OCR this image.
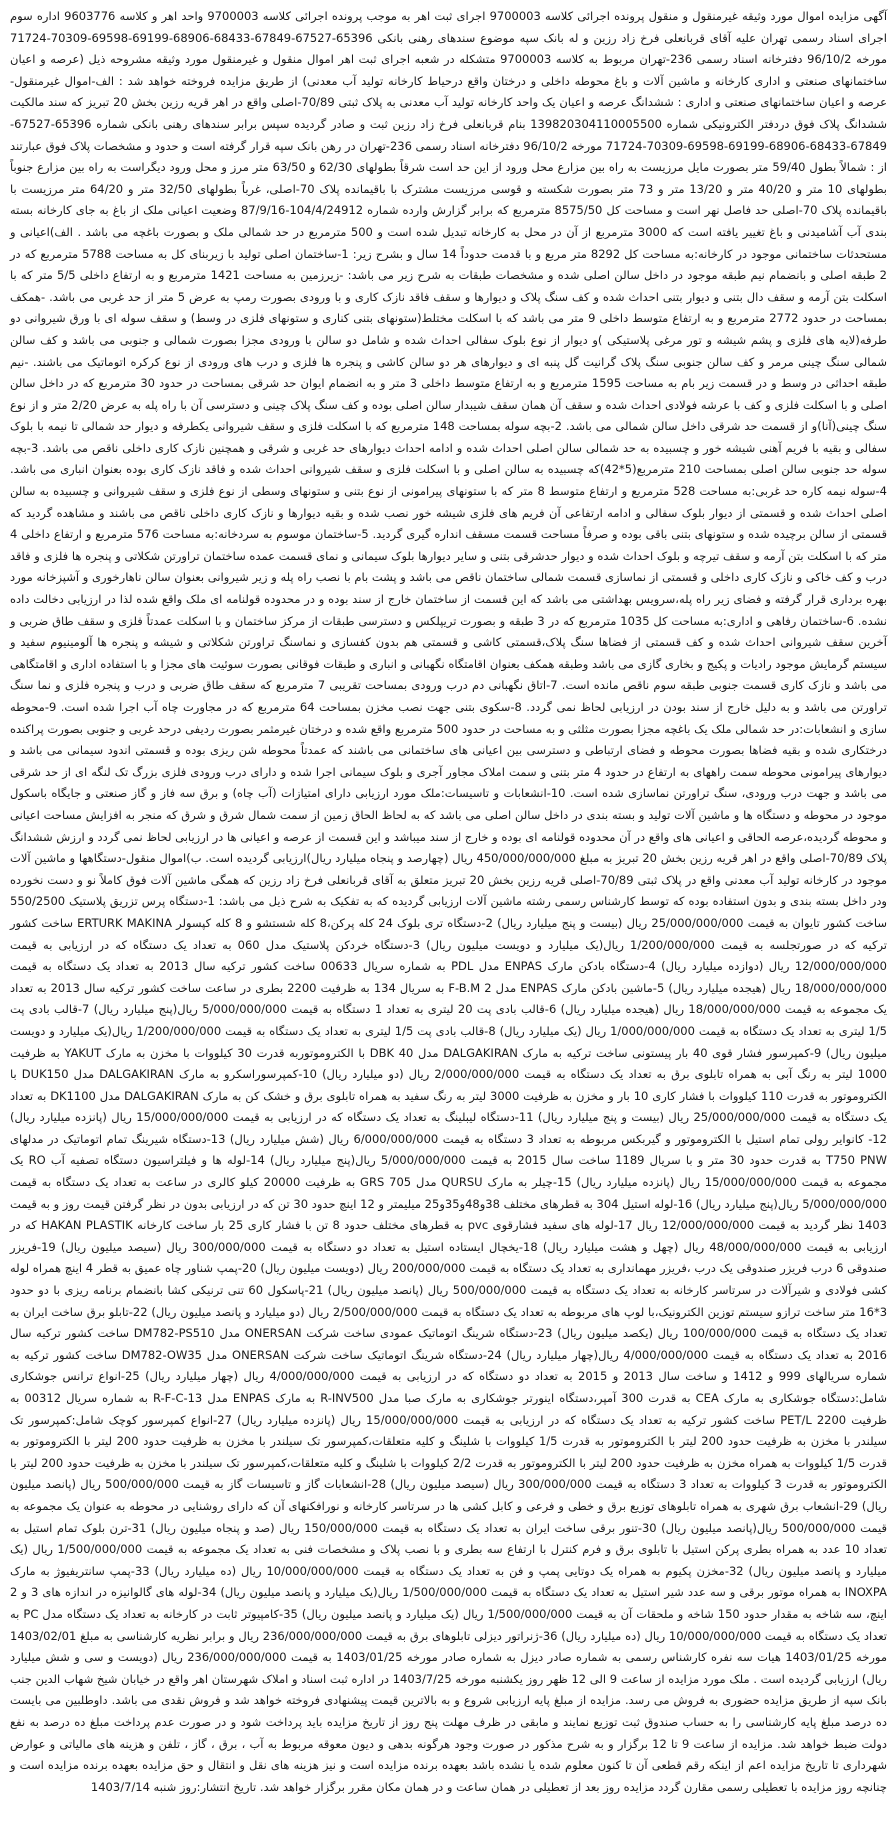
آگهی مزایده اموال مورد وثیقه غیرمنقول و منقول پرونده اجرائی کلاسه 9700003 اجرای ثبت اهر به موجب پرونده اجرائی کلاسه 9700003 واحد اهر و کلاسه 9603776 اداره سوم اجرای اسناد رسمی تهران علیه آقای قربانعلی فرخ زاد رزین و له بانک سپه موضوع سندهای رهنی بانکی 65396-67527-67849-68433-68906-69199-69598-70309-71724 مورخه 96/10/2 دفترخانه اسناد رسمی 236-تهران مربوط به کلاسه 9700003 متشکله در شعبه اجرای ثبت اهر اموال منقول و غیرمنقول مورد وثیقه مشروحه ذیل (عرصه و اعیان ساختمانهای صنعتی و اداری کارخانه و ماشین آلات و باغ محوطه داخلی و درختان واقع درحیاط کارخانه تولید آب معدنی) از طریق مزایده فروخته خواهد شد : الف-اموال غیرمنقول- عرصه و اعیان ساختمانهای صنعتی و اداری : ششدانگ عرصه و اعیان یک واحد کارخانه تولید آب معدنی به پلاک ثبتی 70/89-اصلی واقع در اهر قریه رزین بخش 20 تبریز که سند مالکیت ششدانگ پلاک فوق دردفتر الکترونیکی شماره 139820304110005500 بنام قربانعلی فرخ زاد رزین ثبت و صادر گردیده سپس برابر سندهای رهنی بانکی شماره 65396-67527-67849-68433-68906-69199-69598-70309-71724 مورخه 96/10/2 دفترخانه اسناد رسمی 236-تهران در رهن بانک سپه قرار گرفته است و حدود و مشخصات پلاک فوق عبارتند از : شمالاً بطول 59/40 متر بصورت مایل مرزیست به راه بین مزارع محل ورود از این حد است شرقاً بطولهای 62/30 و 63/50 متر مرز و محل ورود دیگراست به راه بین مزارع جنوباً بطولهای 10 متر و 40/20 متر و 13/20 متر و 73 متر بصورت شکسته و قوسی مرزیست مشترک با باقیمانده پلاک 70-اصلی، غرباً بطولهای 32/50 متر و 64/20 متر مرزیست با باقیمانده پلاک 70-اصلی حد فاصل نهر است و مساحت کل 8575/50 مترمربع که برابر گزارش وارده شماره 104/4/24912-87/9/16 وضعیت اعیانی ملک از باغ به جای کارخانه بسته بندی آب آشامیدنی و باغ تغییر یافته است که 3000 مترمربع از آن در محل به کارخانه تبدیل شده است و 500 مترمربع در حد شمالی ملک و بصورت باغچه می باشد . الف)اعیانی و مستحدثات ساختمانی موجود در کارخانه:به مساحت کل 8292 متر مربع و با قدمت حدوداً 14 سال و بشرح زیر: 1-ساختمان اصلی تولید با زیربنای کل به مساحت 5788 مترمربع که در 2 طبقه اصلی و بانضمام نیم طبقه موجود در داخل سالن اصلی شده و مشخصات طبقات به شرح زیر می باشد: -زیرزمین به مساحت 1421 مترمربع و به ارتفاع داخلی 5/5 متر که با اسکلت بتن آرمه و سقف دال بتنی و دیوار بتنی احداث شده و کف سنگ پلاک و دیوارها و سقف فاقد نازک کاری و با ورودی بصورت رمپ به عرض 5 متر از حد غربی می باشد. -همکف بمساحت در حدود 2772 مترمربع و به ارتفاع متوسط داخلی 9 متر می باشد که با اسکلت مختلط(ستونهای بتنی کناری و ستونهای فلزی در وسط) و سقف سوله ای با ورق شیروانی دو طرفه(لایه های فلزی و پشم شیشه و تور مرغی پلاستیکی )و دیوار از نوع بلوک سفالی احداث شده و شامل دو سالن با ورودی مجزا بصورت شمالی و جنوبی می باشد و کف سالن شمالی سنگ چینی مرمر و کف سالن جنوبی سنگ پلاک گرانیت گل پنبه ای و دیوارهای هر دو سالن کاشی و پنجره ها فلزی و درب های ورودی از نوع کرکره اتوماتیک می باشند. -نیم طبقه احداثی در وسط و در قسمت زیر بام به مساحت 1595 مترمربع و به ارتفاع متوسط داخلی 3 متر و به انضمام ایوان حد شرقی بمساحت در حدود 30 مترمربع که در داخل سالن اصلی و با اسکلت فلزی و کف با عرشه فولادی احداث شده و سقف آن همان سقف شیبدار سالن اصلی بوده و کف سنگ پلاک چینی و دسترسی آن با راه پله به عرض 2/20 متر و از نوع سنگ چینی(آنا)و از قسمت حد شرقی داخل سالن شمالی می باشد. 2-بچه سوله بمساحت 148 مترمربع که با اسکلت فلزی و سقف شیروانی یکطرفه و دیوار حد شمالی تا نیمه با بلوک سفالی و بقیه با فریم آهنی شیشه خور و چسبیده به حد شمالی سالن اصلی احداث شده و ادامه احداث دیوارهای حد غربی و شرقی و همچنین نازک کاری داخلی ناقص می باشد. 3-بچه سوله حد جنوبی سالن اصلی بمساحت 210 مترمربع(5*42)که چسبیده به سالن اصلی و با اسکلت فلزی و سقف شیروانی احداث شده و فاقد نازک کاری بوده بعنوان انباری می باشد. 4-سوله نیمه کاره حد غربی:به مساحت 528 مترمربع و ارتفاع متوسط 8 متر که با ستونهای پیرامونی از نوع بتنی و ستونهای وسطی از نوع فلزی و سقف شیروانی و چسبیده به سالن اصلی احداث شده و قسمتی از دیوار بلوک سفالی و ادامه ارتفاعی آن فریم های فلزی شیشه خور نصب شده و بقیه دیوارها و نازک کاری داخلی ناقص می باشند و مشاهده گردید که قسمتی از سالن برچیده شده و ستونهای بتنی باقی بوده و صرفاً مساحت قسمت مسقف انداره گیری گردید. 5-ساختمان موسوم به سردخانه:به مساحت 576 مترمربع و ارتفاع داخلی 4 متر که با اسکلت بتن آرمه و سقف تیرچه و بلوک احداث شده و دیوار حدشرقی بتنی و سایر دیوارها بلوک سیمانی و نمای قسمت عمده ساختمان تراورتن شکلاتی و پنجره ها فلزی و فاقد درب و کف خاکی و نازک کاری داخلی و قسمتی از نماسازی قسمت شمالی ساختمان ناقص می باشد و پشت بام با نصب راه پله و زیر شیروانی بعنوان سالن ناهارخوری و آشپزخانه مورد بهره برداری قرار گرفته و فضای زیر راه پله،سرویس بهداشتی می باشد که این قسمت از ساختمان خارج از سند بوده و در محدوده قولنامه ای ملک واقع شده لذا در ارزیابی دخالت داده نشده. 6-ساختمان رفاهی و اداری:به مساحت کل 1035 مترمربع که در 3 طبقه و بصورت تریپلکس و دسترسی طبقات از مرکز ساختمان و با اسکلت عمدتاً فلزی و سقف طاق ضربی و آخرین سقف شیروانی احداث شده و کف قسمتی از فضاها سنگ پلاک،قسمتی کاشی و قسمتی هم بدون کفسازی و نماسنگ تراورتن شکلاتی و شیشه و پنجره ها آلومینیوم سفید و سیستم گرمایش موجود رادیات و پکیج و بخاری گازی می باشد وطبقه همکف بعنوان اقامتگاه نگهبانی و انباری و طبقات فوقانی بصورت سوئیت های مجزا و با استفاده اداری و اقامتگاهی می باشد و نازک کاری قسمت جنوبی طبقه سوم ناقص مانده است. 7-اتاق نگهبانی دم درب ورودی بمساحت تقریبی 7 مترمربع که سقف طاق ضربی و درب و پنجره فلزی و نما سنگ تراورتن می باشد و به دلیل خارج از سند بودن در ارزیابی لحاظ نمی گردد. 8-سکوی بتنی جهت نصب مخزن بمساحت 64 مترمربع که در مجاورت چاه آب اجرا شده است. 9-محوطه سازی و انشعابات:در حد شمالی ملک یک باغچه مجزا بصورت مثلثی و به مساحت در حدود 500 مترمربع واقع شده و درختان غیرمثمر بصورت ردیفی درحد غربی و جنوبی بصورت پراکنده درختکاری شده و بقیه فضاها بصورت محوطه و فضای ارتباطی و دسترسی بین اعیانی های ساختمانی می باشند که عمدتاً محوطه شن ریزی بوده و قسمتی اندود سیمانی می باشد و دیوارهای پیرامونی محوطه سمت راههای به ارتفاع در حدود 4 متر بتنی و سمت املاک مجاور آجری و بلوک سیمانی اجرا شده و دارای درب ورودی فلزی بزرگ تک لنگه ای از حد شرقی می باشد و جهت درب ورودی، سنگ تراورتن نماسازی شده است. 10-انشعابات و تاسیسات:ملک مورد ارزیابی دارای امتیازات (آب چاه) و برق سه فاز و گاز صنعتی و جایگاه باسکول موجود در محوطه و دستگاه ها و ماشین آلات تولید و بسته بندی در داخل سالن اصلی می باشد که به لحاظ الحاق زمین از سمت شمال شرق و شرق که منجر به افزایش مساحت اعیانی و محوطه گردیده،عرصه الحاقی و اعیانی های واقع در آن محدوده قولنامه ای بوده و خارج از سند میباشد و این قسمت از عرصه و اعیانی ها در ارزیابی لحاظ نمی گردد و ارزش ششدانگ پلاک 70/89-اصلی واقع در اهر قریه رزین بخش 20 تبریز به مبلغ 450/000/000/000 ریال (چهارصد و پنجاه میلیارد ریال)ارزیابی گردیده است. ب)اموال منقول-دستگاهها و ماشین آلات موجود در کارخانه تولید آب معدنی واقع در پلاک ثبتی 70/89-اصلی قریه رزین بخش 20 تبریز متعلق به آقای قربانعلی فرخ زاد رزین که همگی ماشین آلات فوق کاملاً نو و دست نخورده ودر داخل بسته بندی و بدون استفاده بوده که توسط کارشناس رسمی رشته ماشین آلات ارزیابی گردیده که به تفکیک به شرح ذیل می باشد: 1-دستگاه پرس تزریق پلاستیک 550/2500 ساخت کشور تایوان به قیمت 25/000/000/000 ریال (بیست و پنج میلیارد ریال) 2-دستگاه تری بلوک 24 کله پرکن،8 کله شستشو و 8 کله کپسولر ERTURK MAKINA ساخت کشور ترکیه که در صورتجلسه به قیمت 1/200/000/000 ریال(یک میلیارد و دویست میلیون ریال) 3-دستگاه خردکن پلاستیک مدل 060 به تعداد یک دستگاه که در ارزیابی به قیمت 12/000/000/000 ریال (دوازده میلیارد ریال) 4-دستگاه بادکن مارک ENPAS مدل PDL به شماره سریال 00633 ساخت کشور ترکیه سال 2013 به تعداد یک دستگاه به قیمت 18/000/000/000 ریال (هیجده میلیارد ریال) 5-ماشین بادکن مارک ENPAS مدل F-B.M 2 به سریال 134 به ظرفیت 2200 بطری در ساعت ساخت کشور ترکیه سال 2013 به تعداد یک مجموعه به قیمت 18/000/000/000 ریال (هیجده میلیارد ریال) 6-قالب بادی پت 20 لیتری به تعداد 1 دستگاه به قیمت 5/000/000/000 ریال(پنج میلیارد ریال) 7-قالب بادی پت 1/5 لیتری به تعداد یک دستگاه به قیمت 1/000/000/000 ریال (یک میلیارد ریال) 8-قالب بادی پت 1/5 لیتری به تعداد یک دستگاه به قیمت 1/200/000/000 ریال(یک میلیارد و دویست میلیون ریال) 9-کمپرسور فشار قوی 40 بار پیستونی ساخت ترکیه به مارک DALGAKIRAN مدل DBK 40 با الکتروموتوربه قدرت 30 کیلووات با مخزن به مارک YAKUT به ظرفیت 1000 لیتر به رنگ آبی به همراه تابلوی برق به تعداد یک دستگاه به قیمت 2/000/000/000 ریال (دو میلیارد ریال) 10-کمپرسوراسکرو به مارک DALGAKIRAN مدل DUK150 با الکتروموتور به قدرت 110 کیلووات با فشار کاری 10 بار و مخزن به ظرفیت 3000 لیتر به رنگ سفید به همراه تابلوی برق و خشک کن به مارک DALGAKIRAN مدل DK1100 به تعداد یک دستگاه به قیمت 25/000/000/000 ریال (بیست و پنج میلیارد ریال) 11-دستگاه لیبلینگ به تعداد یک دستگاه که در ارزیابی به قیمت 15/000/000/000 ریال (پانزده میلیارد ریال) 12- کانوایر رولی تمام استیل با الکتروموتور و گیربکس مربوطه به تعداد 3 دستگاه به قیمت 6/000/000/000 ریال (شش میلیارد ریال) 13-دستگاه شیرینگ تمام اتوماتیک در مدلهای T750 PNW به قدرت حدود 30 متر و با سریال 1189 ساخت سال 2015 به قیمت 5/000/000/000 ریال(پنج میلیارد ریال) 14-لوله ها و فیلتراسیون دستگاه تصفیه آب RO یک مجموعه به قیمت 15/000/000/000 ریال (پانزده میلیارد ریال) 15-چیلر به مارک QURSU مدل GRS 705 به ظرفیت 20000 کیلو کالری در ساعت به تعداد یک دستگاه به قیمت 5/000/000/000 ریال(پنج میلیارد ریال) 16-لوله استیل 304 به قطرهای مختلف 38و48و35و25 میلیمتر و 12 اینچ حدود 30 تن که در ارزیابی بدون در نظر گرفتن قیمت روز و به قیمت 1403 نظر گردید به قیمت 12/000/000/000 ریال 17-لوله های سفید فشارقوی pvc به قطرهای مختلف حدود 8 تن با فشار کاری 25 بار ساخت کارخانه HAKAN PLASTIK که در ارزیابی به قیمت 48/000/000/000 ریال (چهل و هشت میلیارد ریال) 18-یخچال ایستاده استیل به تعداد دو دستگاه به قیمت 300/000/000 ریال (سیصد میلیون ریال) 19-فریزر صندوقی 6 درب فریزر صندوقی یک درب ،فریزر مهمانداری به تعداد یک دستگاه به قیمت 200/000/000 ریال (دویست میلیون ریال) 20-پمپ شناور چاه عمیق به قطر 4 اینچ همراه لوله کشی فولادی و شیرآلات در سرتاسر کارخانه به تعداد یک دستگاه به قیمت 500/000/000 ریال (پانصد میلیون ریال) 21-پاسکول 60 تنی ترنیکی کشا بانضمام برنامه ریزی با دو حدود 3*16 متر ساخت ترازو سیستم توزین الکترونیک،با لوپ های مربوطه به تعداد یک دستگاه به قیمت 2/500/000/000 ریال (دو میلیارد و پانصد میلیون ریال) 22-تابلو برق ساخت ایران به تعداد یک دستگاه به قیمت 100/000/000 ریال (یکصد میلیون ریال) 23-دستگاه شرینگ اتوماتیک عمودی ساخت شرکت ONERSAN مدل DM782-PS510 ساخت کشور ترکیه سال 2016 به تعداد یک دستگاه به قیمت 4/000/000/000 ریال(چهار میلیارد ریال) 24-دستگاه شرینگ اتوماتیک ساخت شرکت ONERSAN مدل DM782-OW35 ساخت کشور ترکیه به شماره سریالهای 999 و 1412 و ساخت سال 2013 و 2015 به تعداد دو دستگاه که در ارزیابی به قیمت 4/000/000/000 ریال (چهار میلیارد ریال) 25-انواع ترانس جوشکاری شامل:دستگاه جوشکاری به مارک CEA به قدرت 300 آمپر،دستگاه اینورتر جوشکاری به مارک صبا مدل R-INV500 به مارک ENPAS مدل R-F-C-13 به شماره سریال 00312 به ظرفیت 2200 PET/L ساخت کشور ترکیه به تعداد یک دستگاه که در ارزیابی به قیمت 15/000/000/000 ریال (پانزده میلیارد ریال) 27-انواع کمپرسور کوچک شامل:کمپرسور تک سیلندر با مخزن به ظرفیت حدود 200 لیتر با الکتروموتور به قدرت 1/5 کیلووات با شلینگ و کلیه متعلقات،کمپرسور تک سیلندر با مخزن به ظرفیت حدود 200 لیتر با الکتروموتور به قدرت 1/5 کیلووات به همراه مخزن به ظرفیت حدود 200 لیتر با الکتروموتور به قدرت 2/2 کیلووات با شلینگ و کلیه متعلقات،کمپرسور تک سیلندر با مخزن به ظرفیت حدود 200 لیتر با الکتروموتور به قدرت 3 کیلووات به تعداد 3 دستگاه به قیمت 300/000/000 ریال (سیصد میلیون ریال) 28-انشعابات گاز و تاسیسات گاز به قیمت 500/000/000 ریال (پانصد میلیون ریال) 29-انشعاب برق شهری به همراه تابلوهای توزیع برق و خطی و فرعی و کابل کشی ها در سرتاسر کارخانه و نورافکنهای آن که دارای روشنایی در محوطه به عنوان یک مجموعه به قیمت 500/000/000 ریال(پانصد میلیون ریال) 30-تنور برقی ساخت ایران به تعداد یک دستگاه به قیمت 150/000/000 ریال (صد و پنجاه میلیون ریال) 31-ترن بلوک تمام استیل به تعداد 10 عدد به همراه بطری پرکن استیل با تابلوی برق و فرم کنترل با ارتفاع سه بطری و با نصب پلاک و مشخصات فنی به تعداد یک مجموعه به قیمت 1/500/000/000 ریال (یک میلیارد و پانصد میلیون ریال) 32-مخزن پکیوم به همراه یک دوتایی پمپ و فن به تعداد یک دستگاه به قیمت 10/000/000/000 ریال (ده میلیارد ریال) 33-پمپ سانتریفیوژ به مارک INOXPA به همراه موتور برقی و سه عدد شیر استیل به تعداد یک دستگاه به قیمت 1/500/000/000 ریال(یک میلیارد و پانصد میلیون ریال) 34-لوله های گالوانیزه در اندازه های 3 و 2 اینچ، سه شاخه به مقدار حدود 150 شاخه و ملحقات آن به قیمت 1/500/000/000 ریال (یک میلیارد و پانصد میلیون ریال) 35-کامپیوتر ثابت در کارخانه به تعداد یک دستگاه مدل PC به تعداد یک دستگاه به قیمت 10/000/000/000 ریال (ده میلیارد ریال) 36-ژنراتور دیزلی تابلوهای برق به قیمت 236/000/000/000 ریال و برابر نظریه کارشناسی به مبلغ 1403/02/01 مورخه 1403/01/25 هیات سه نفره کارشناس رسمی به شماره صادر دیزل به شماره صادر مورخه 1403/01/25 به قیمت 236/000/000/000 ریال (دویست و سی و شش میلیارد ریال) ارزیابی گردیده است . ملک مورد مزایده از ساعت 9 الی 12 ظهر روز یکشنبه مورخه 1403/7/25 در اداره ثبت اسناد و املاک شهرستان اهر واقع در خیابان شیخ شهاب الدین جنب بانک سپه از طریق مزایده حضوری به فروش می رسد. مزایده از مبلغ پایه ارزیابی شروع و به بالاترین قیمت پیشنهادی فروخته خواهد شد و فروش نقدی می باشد. داوطلبین می بایست ده درصد مبلغ پایه کارشناسی را به حساب صندوق ثبت توزیع نمایند و مابقی در ظرف مهلت پنج روز از تاریخ مزایده باید پرداخت شود و در صورت عدم پرداخت مبلغ ده درصد به نفع دولت ضبط خواهد شد. مزایده از ساعت 9 تا 12 برگزار و به شرح مذکور در صورت وجود هرگونه بدهی و دیون معوقه مربوط به آب ، برق ، گاز ، تلفن و هزینه های مالیاتی و عوارض شهرداری تا تاریخ مزایده اعم از اینکه رقم قطعی آن تا کنون معلوم شده یا نشده باشد بعهده برنده مزایده است و نیز هزینه های نقل و انتقال و حق مزایده بعهده برنده مزایده است و چنانچه روز مزایده با تعطیلی رسمی مقارن گردد مزایده روز بعد از تعطیلی در همان ساعت و در همان مکان مقرر برگزار خواهد شد. تاریخ انتشار:روز شنبه 1403/7/14
